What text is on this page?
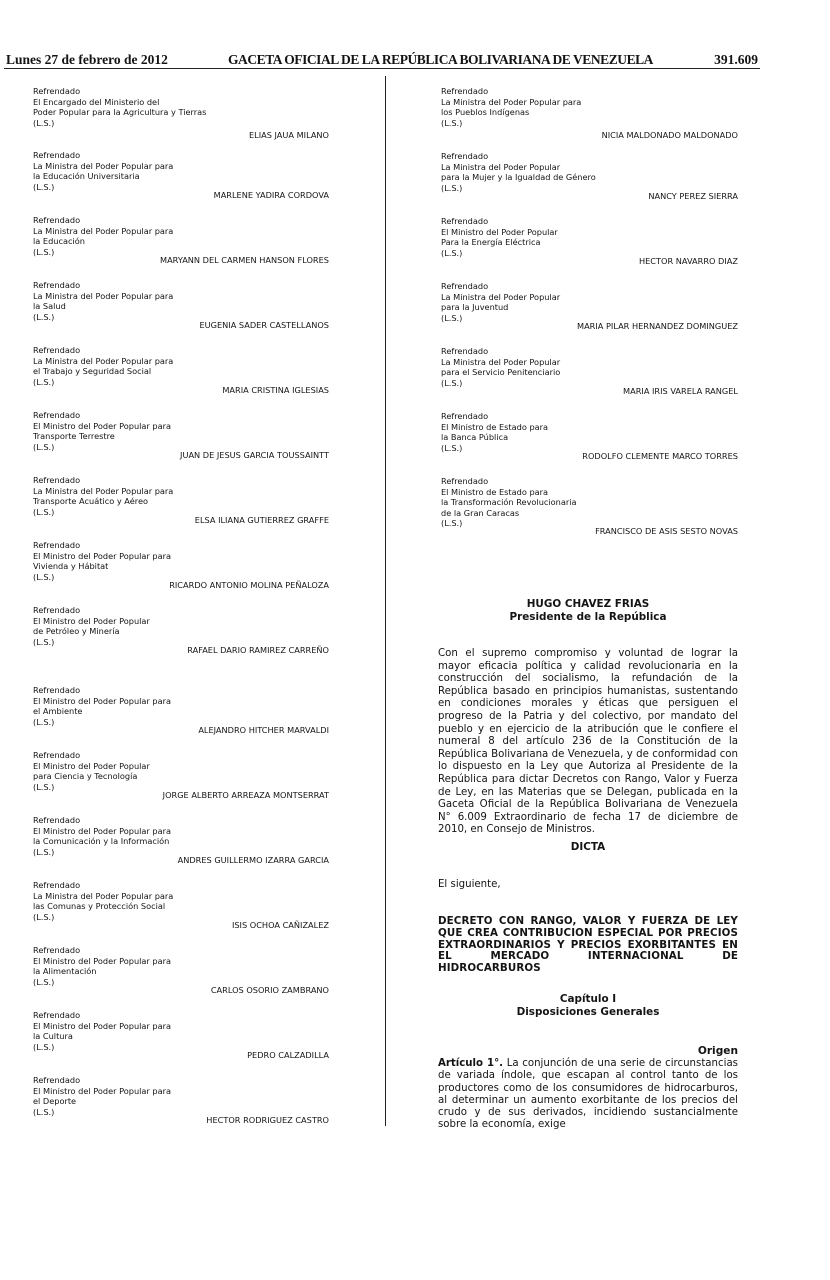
Lunes 27 de febrero de 2012	GACETA OFICIAL DE LA REPÚBLICA BOLIVARIANA DE VENEZUELA	391.609
Refrendado
El Encargado del Ministerio del
Poder Popular para la Agricultura y Tierras
(L.S.)
ELIAS JAUA MILANO
Refrendado
La Ministra del Poder Popular para
la Educación Universitaria
(L.S.)
MARLENE YADIRA CORDOVA
Refrendado
La Ministra del Poder Popular para
la Educación
(L.S.)
MARYANN DEL CARMEN HANSON FLORES
Refrendado
La Ministra del Poder Popular para
la Salud
(L.S.)
EUGENIA SADER CASTELLANOS
Refrendado
La Ministra del Poder Popular para
el Trabajo y Seguridad Social
(L.S.)
MARIA CRISTINA IGLESIAS
Refrendado
El Ministro del Poder Popular para
Transporte Terrestre
(L.S.)
JUAN DE JESUS GARCIA TOUSSAINTT
Refrendado
La Ministra del Poder Popular para
Transporte Acuático y Aéreo
(L.S.)
ELSA ILIANA GUTIERREZ GRAFFE
Refrendado
El Ministro del Poder Popular para
Vivienda y Hábitat
(L.S.)
RICARDO ANTONIO MOLINA PEÑALOZA
Refrendado
El Ministro del Poder Popular
de Petróleo y Minería
(L.S.)
RAFAEL DARIO RAMIREZ CARREÑO
Refrendado
El Ministro del Poder Popular para
el Ambiente
(L.S.)
ALEJANDRO HITCHER MARVALDI
Refrendado
El Ministro del Poder Popular
para Ciencia y Tecnología
(L.S.)
JORGE ALBERTO ARREAZA MONTSERRAT
Refrendado
El Ministro del Poder Popular para
la Comunicación y la Información
(L.S.)
ANDRES GUILLERMO IZARRA GARCIA
Refrendado
La Ministra del Poder Popular para
las Comunas y Protección Social
(L.S.)
ISIS OCHOA CAÑIZALEZ
Refrendado
El Ministro del Poder Popular para
la Alimentación
(L.S.)
CARLOS OSORIO ZAMBRANO
Refrendado
El Ministro del Poder Popular para
la Cultura
(L.S.)
PEDRO CALZADILLA
Refrendado
El Ministro del Poder Popular para
el Deporte
(L.S.)
HECTOR RODRIGUEZ CASTRO
Refrendado
La Ministra del Poder Popular para
los Pueblos Indígenas
(L.S.)
NICIA MALDONADO MALDONADO
Refrendado
La Ministra del Poder Popular
para la Mujer y la Igualdad de Género
(L.S.)
NANCY PEREZ SIERRA
Refrendado
El Ministro del Poder Popular
Para la Energía Eléctrica
(L.S.)
HECTOR NAVARRO DIAZ
Refrendado
La Ministra del Poder Popular
para la Juventud
(L.S.)
MARIA PILAR HERNANDEZ DOMINGUEZ
Refrendado
La Ministra del Poder Popular
para el Servicio Penitenciario
(L.S.)
MARIA IRIS VARELA RANGEL
Refrendado
El Ministro de Estado para
la Banca Pública
(L.S.)
RODOLFO CLEMENTE MARCO TORRES
Refrendado
El Ministro de Estado para
la Transformación Revolucionaria
de la Gran Caracas
(L.S.)
FRANCISCO DE ASIS SESTO NOVAS
HUGO CHAVEZ FRIAS
Presidente de la República
Con el supremo compromiso y voluntad de lograr la mayor eficacia política y calidad revolucionaria en la construcción del socialismo, la refundación de la República basado en principios humanistas, sustentando en condiciones morales y éticas que persiguen el progreso de la Patria y del colectivo, por mandato del pueblo y en ejercicio de la atribución que le confiere el numeral 8 del artículo 236 de la Constitución de la República Bolivariana de Venezuela, y de conformidad con lo dispuesto en la Ley que Autoriza al Presidente de la República para dictar Decretos con Rango, Valor y Fuerza de Ley, en las Materias que se Delegan, publicada en la Gaceta Oficial de la República Bolivariana de Venezuela N° 6.009 Extraordinario de fecha 17 de diciembre de 2010, en Consejo de Ministros.
DICTA
El siguiente,
DECRETO CON RANGO, VALOR Y FUERZA DE LEY QUE CREA CONTRIBUCION ESPECIAL POR PRECIOS EXTRAORDINARIOS Y PRECIOS EXORBITANTES EN EL MERCADO INTERNACIONAL DE HIDROCARBUROS
Capítulo I
Disposiciones Generales
Origen
Artículo 1°. La conjunción de una serie de circunstancias de variada índole, que escapan al control tanto de los productores como de los consumidores de hidrocarburos, al determinar un aumento exorbitante de los precios del crudo y de sus derivados, incidiendo sustancialmente sobre la economía, exige
